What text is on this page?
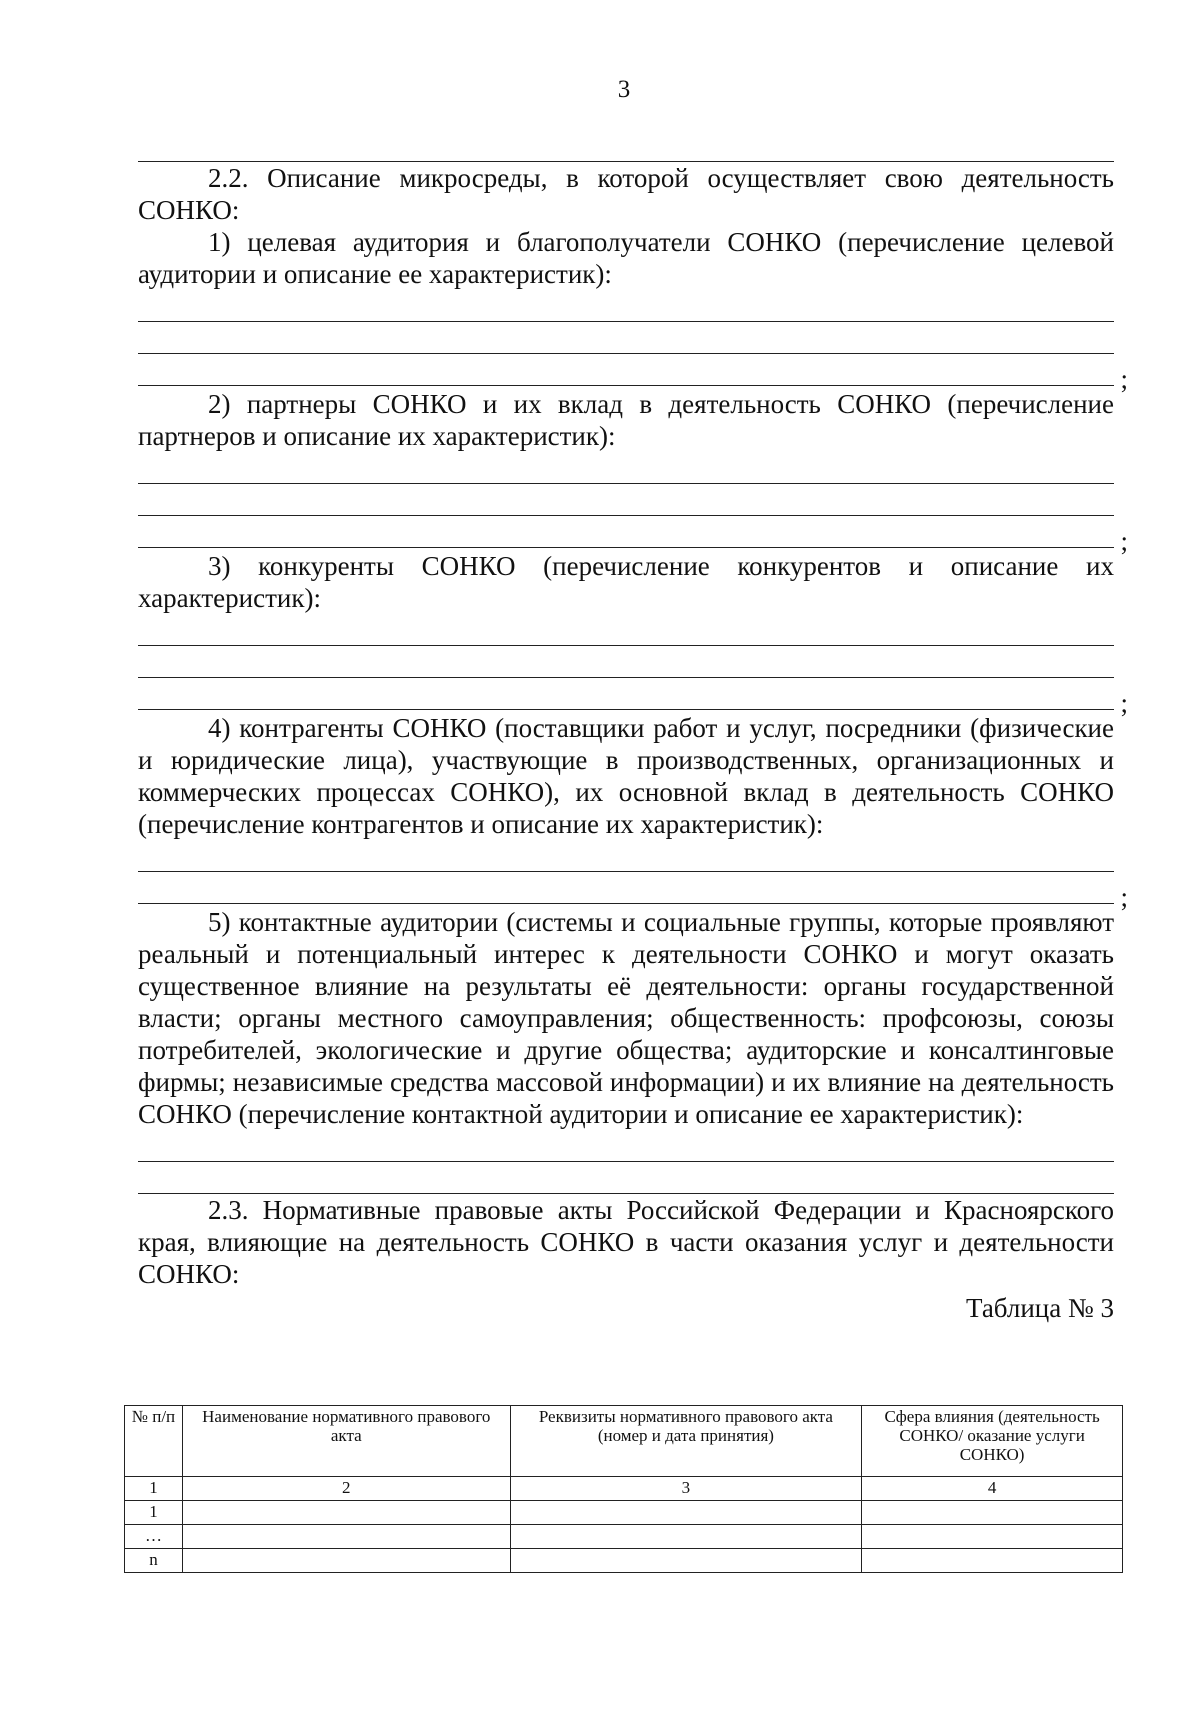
3

2.2. Описание микросреды, в которой осуществляет свою деятельность СОНКО:

1) целевая аудитория и благополучатели СОНКО (перечисление целевой аудитории и описание ее характеристик):

;

2) партнеры СОНКО и их вклад в деятельность СОНКО (перечисление партнеров и описание их характеристик):

;

3) конкуренты СОНКО (перечисление конкурентов и описание их характеристик):

;

4) контрагенты СОНКО (поставщики работ и услуг, посредники (физические и юридические лица), участвующие в производственных, организационных и коммерческих процессах СОНКО), их основной вклад в деятельность СОНКО (перечисление контрагентов и описание их характеристик):

;

5) контактные аудитории (системы и социальные группы, которые проявляют реальный и потенциальный интерес к деятельности СОНКО и могут оказать существенное влияние на результаты её деятельности: органы государственной власти; органы местного самоуправления; общественность: профсоюзы, союзы потребителей, экологические и другие общества; аудиторские и консалтинговые фирмы; независимые средства массовой информации) и их влияние на деятельность СОНКО (перечисление контактной аудитории и описание ее характеристик):

2.3. Нормативные правовые акты Российской Федерации и Красноярского края, влияющие на деятельность СОНКО в части оказания услуг и деятельности СОНКО:

Таблица № 3
№ п/п	Наименование нормативного правового акта	Реквизиты нормативного правового акта (номер и дата принятия)	Сфера влияния (деятельность СОНКО/ оказание услуги СОНКО)
1	2	3	4
1			
…			
n			
